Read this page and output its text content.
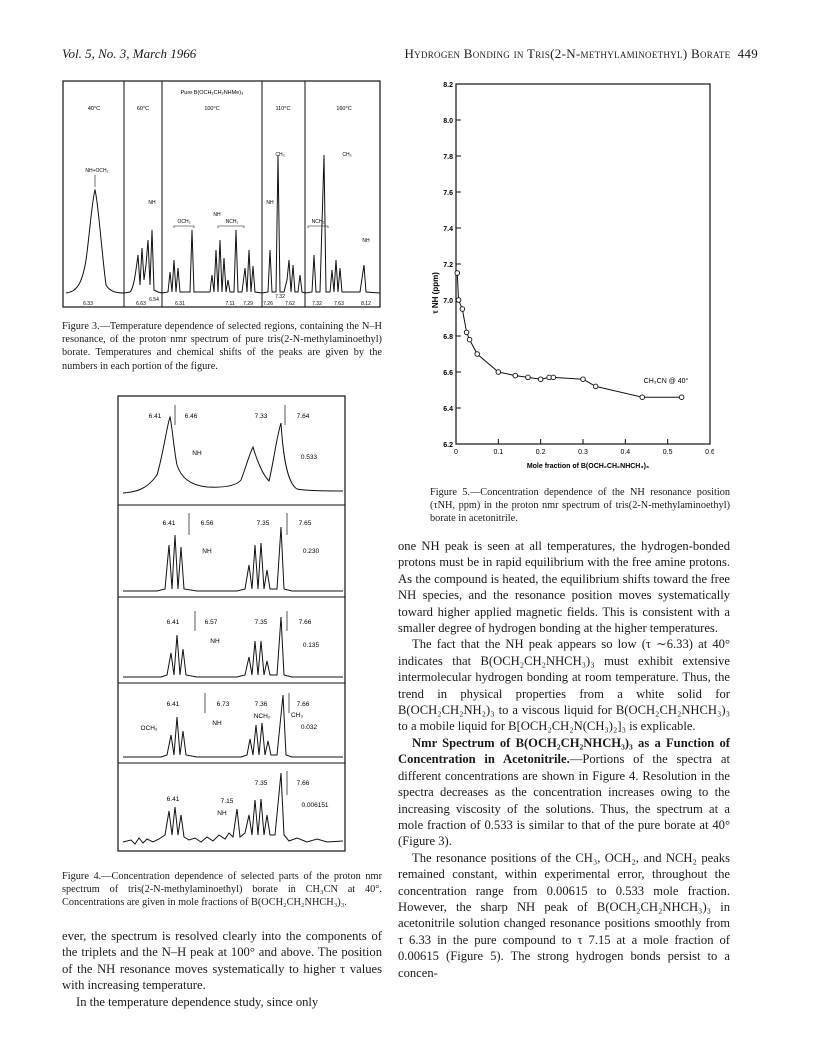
Vol. 5, No. 3, March 1966	Hydrogen Bonding in Tris(2-N-methylaminoethyl) Borate 449
Pure B(OCH₂CH₂NHMe)₃
40°C	60°C	100°C	110°C	160°C
NH+OCH₂
NH
OCH₂
NH
NCH₂
CH₃
NH
CH₃
NCH₂
NH
6.33	6.63
6.54
6.31	7.11 7.29 7.26 7.62
7.32
7.32 7.63	8.12
Figure 3.—Temperature dependence of selected regions, containing the N–H resonance, of the proton nmr spectrum of pure tris(2-N-methylaminoethyl) borate. Temperatures and chemical shifts of the peaks are given by the numbers in each portion of the figure.
6.41	6.46	7.33	7.64
NH
0.533
6.41	6.56	7.35	7.65
NH	0.230
6.41	6.57	7.35	7.66
NH
0.135
6.41	6.73	7.36	7.66
NCH₂	CH₃
OCH₂
NH
0.032
6.41	7.15
7.35	7.66
NH
0.006151
Figure 4.—Concentration dependence of selected parts of the proton nmr spectrum of tris(2-N-methylaminoethyl) borate in CH₃CN at 40°. Concentrations are given in mole fractions of B(OCH₂CH₂NHCH₃)₃.
τ NH (ppm)
Mole fraction of B(OCH₂CH₂NHCH₃)₃
CH₃CN @ 40°
6.2
6.4
6.6
6.8
7.0
7.2
7.4
7.6
7.8
8.0
8.2
0	0.1	0.2	0.3	0.4	0.5	0.6
Figure 5.—Concentration dependence of the NH resonance position (τNH, ppm) in the proton nmr spectrum of tris(2-N-methylaminoethyl) borate in acetonitrile.

ever, the spectrum is resolved clearly into the components of the triplets and the N–H peak at 100° and above. The position of the NH resonance moves systematically to higher τ values with increasing temperature.

In the temperature dependence study, since only

one NH peak is seen at all temperatures, the hydrogen-bonded protons must be in rapid equilibrium with the free amine protons. As the compound is heated, the equilibrium shifts toward the free NH species, and the resonance position moves systematically toward higher applied magnetic fields. This is consistent with a smaller degree of hydrogen bonding at the higher temperatures.

The fact that the NH peak appears so low (τ ∼6.33) at 40° indicates that B(OCH₂CH₂NHCH₃)₃ must exhibit extensive intermolecular hydrogen bonding at room temperature. Thus, the trend in physical properties from a white solid for B(OCH₂CH₂NH₂)₃ to a viscous liquid for B(OCH₂CH₂NHCH₃)₃ to a mobile liquid for B[OCH₂CH₂N(CH₃)₂]₃ is explicable.

Nmr Spectrum of B(OCH₂CH₂NHCH₃)₃ as a Function of Concentration in Acetonitrile.—Portions of the spectra at different concentrations are shown in Figure 4. Resolution in the spectra decreases as the concentration increases owing to the increasing viscosity of the solutions. Thus, the spectrum at a mole fraction of 0.533 is similar to that of the pure borate at 40° (Figure 3).

The resonance positions of the CH₃, OCH₂, and NCH₂ peaks remained constant, within experimental error, throughout the concentration range from 0.00615 to 0.533 mole fraction. However, the sharp NH peak of B(OCH₂CH₂NHCH₃)₃ in acetonitrile solution changed resonance positions smoothly from τ 6.33 in the pure compound to τ 7.15 at a mole fraction of 0.00615 (Figure 5). The strong hydrogen bonds persist to a concen-
